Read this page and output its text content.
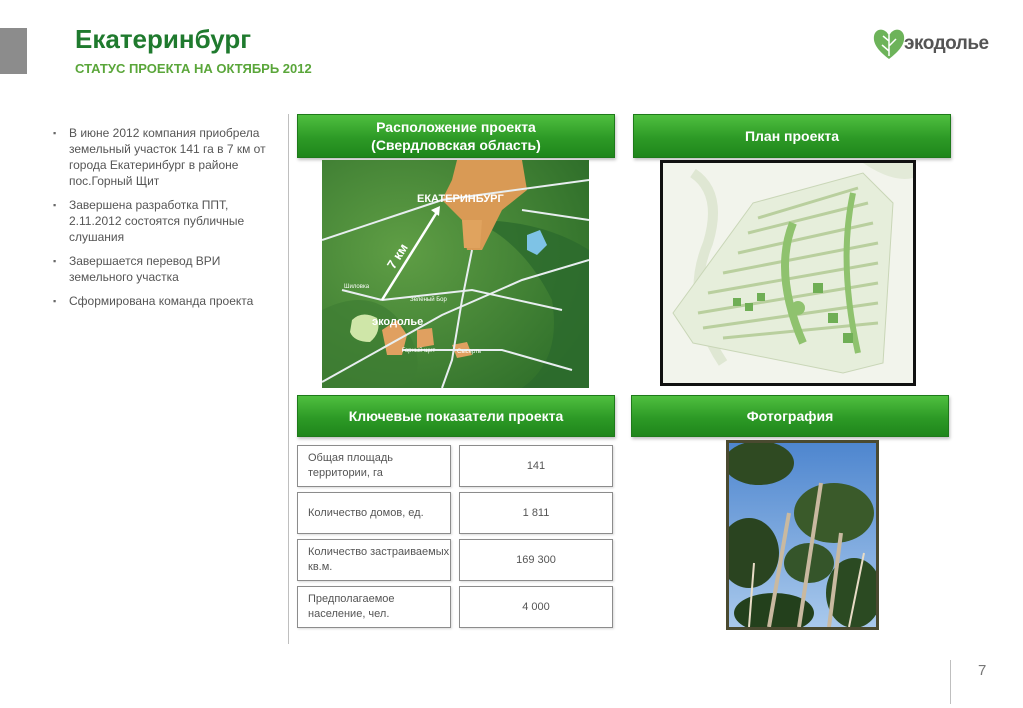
Екатеринбург
СТАТУС ПРОЕКТА НА ОКТЯБРЬ 2012
экодолье
▪ В июне 2012 компания приобрела земельный участок 141 га в 7 км от города Екатеринбург в районе пос.Горный Щит
▪ Завершена разработка ППТ, 2.11.2012 состоятся публичные слушания
▪ Завершается перевод ВРИ земельного участка
▪ Сформирована команда проекта
Расположение проекта
(Свердловская область)
ЕКАТЕРИНБУРГ
7 км
экодолье
Зеленый Бор
Горный щит	Сысерть
Шиловка
План проекта
Ключевые показатели проекта
Общая площадь территории, га
141
Количество домов, ед.	1 811
Количество застраиваемых кв.м.
169 300
Предполагаемое население, чел.
4 000
Фотография
7
